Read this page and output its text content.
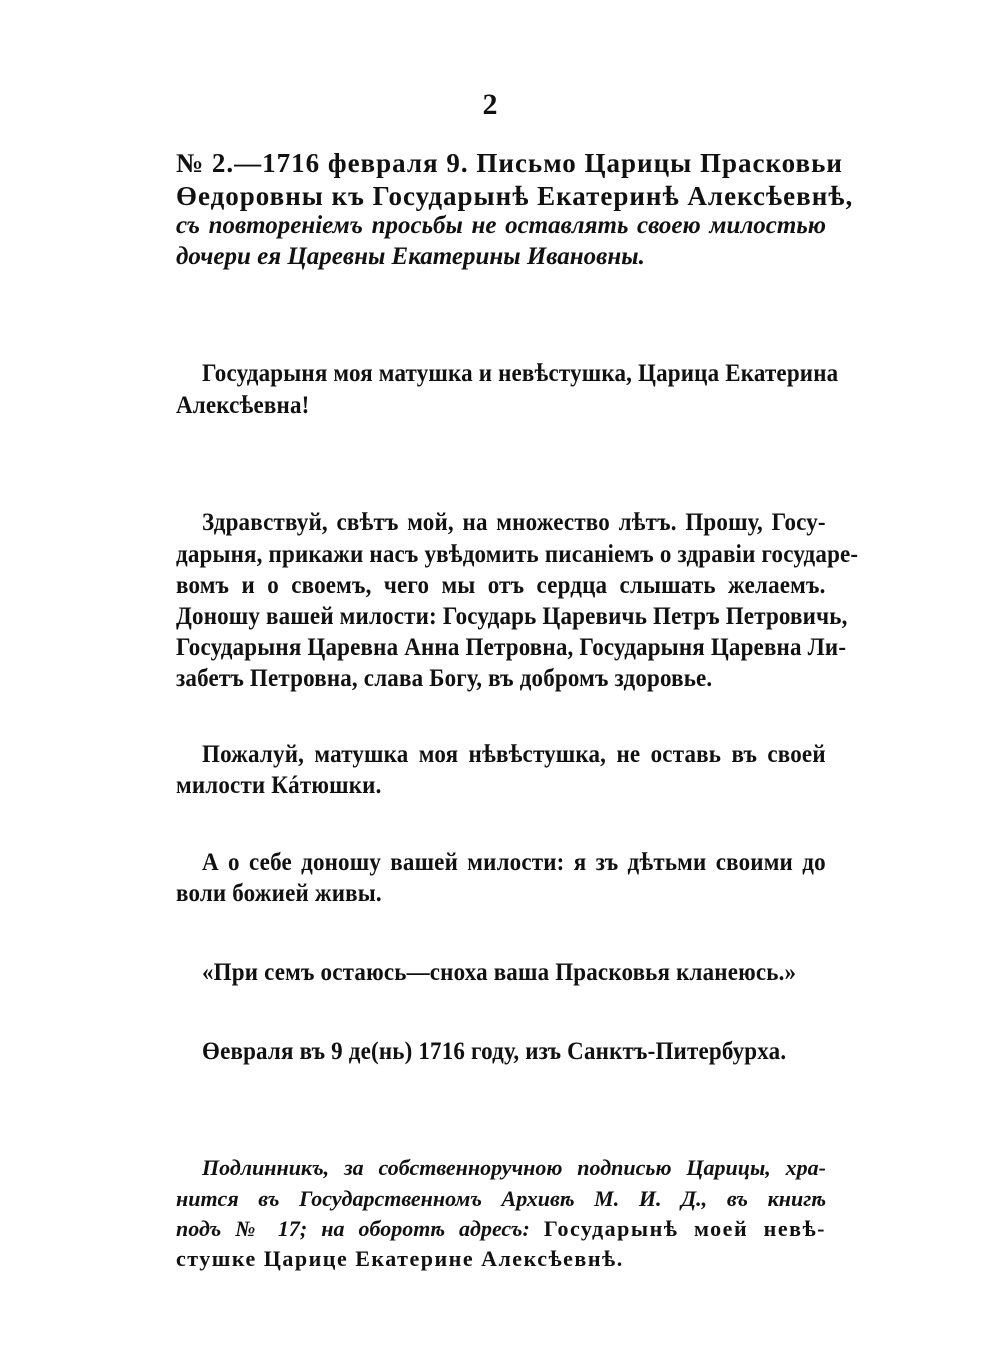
2
№ 2.—1716 февраля 9. Письмо Царицы Прасковьи
Өедоровны къ Государынѣ Екатеринѣ Алексѣевнѣ,
съ повтореніемъ просьбы не оставлять своею милостью
дочери ея Царевны Екатерины Ивановны.
Государыня моя матушка и невѣстушка, Царица Екатерина
Алексѣевна!
Здравствуй, свѣтъ мой, на множество лѣтъ. Прошу, Госу-
дарыня, прикажи насъ увѣдомить писаніемъ о здравіи государе-
вомъ и о своемъ, чего мы отъ сердца слышать желаемъ.
Доношу вашей милости: Государь Царевичь Петръ Петровичь,
Государыня Царевна Анна Петровна, Государыня Царевна Ли-
забетъ Петровна, слава Богу, въ добромъ здоровье.
Пожалуй, матушка моя нѣвѣстушка, не оставь въ своей
милости Кáтюшки.
А о себе доношу вашей милости: я зъ дѣтьми своими до
воли божией живы.
«При семъ остаюсь—сноха ваша Прасковья кланеюсь.»
Өевраля въ 9 де(нь) 1716 году, изъ Санктъ-Питербурха.
Подлинникъ, за собственноручною подписью Царицы, хра-
нится въ Государственномъ Архивѣ М. И. Д., въ книгѣ
подъ № 17; на оборотѣ адресъ: Государынѣ моей невѣ-
стушке Царице Екатерине Алексѣевнѣ.
